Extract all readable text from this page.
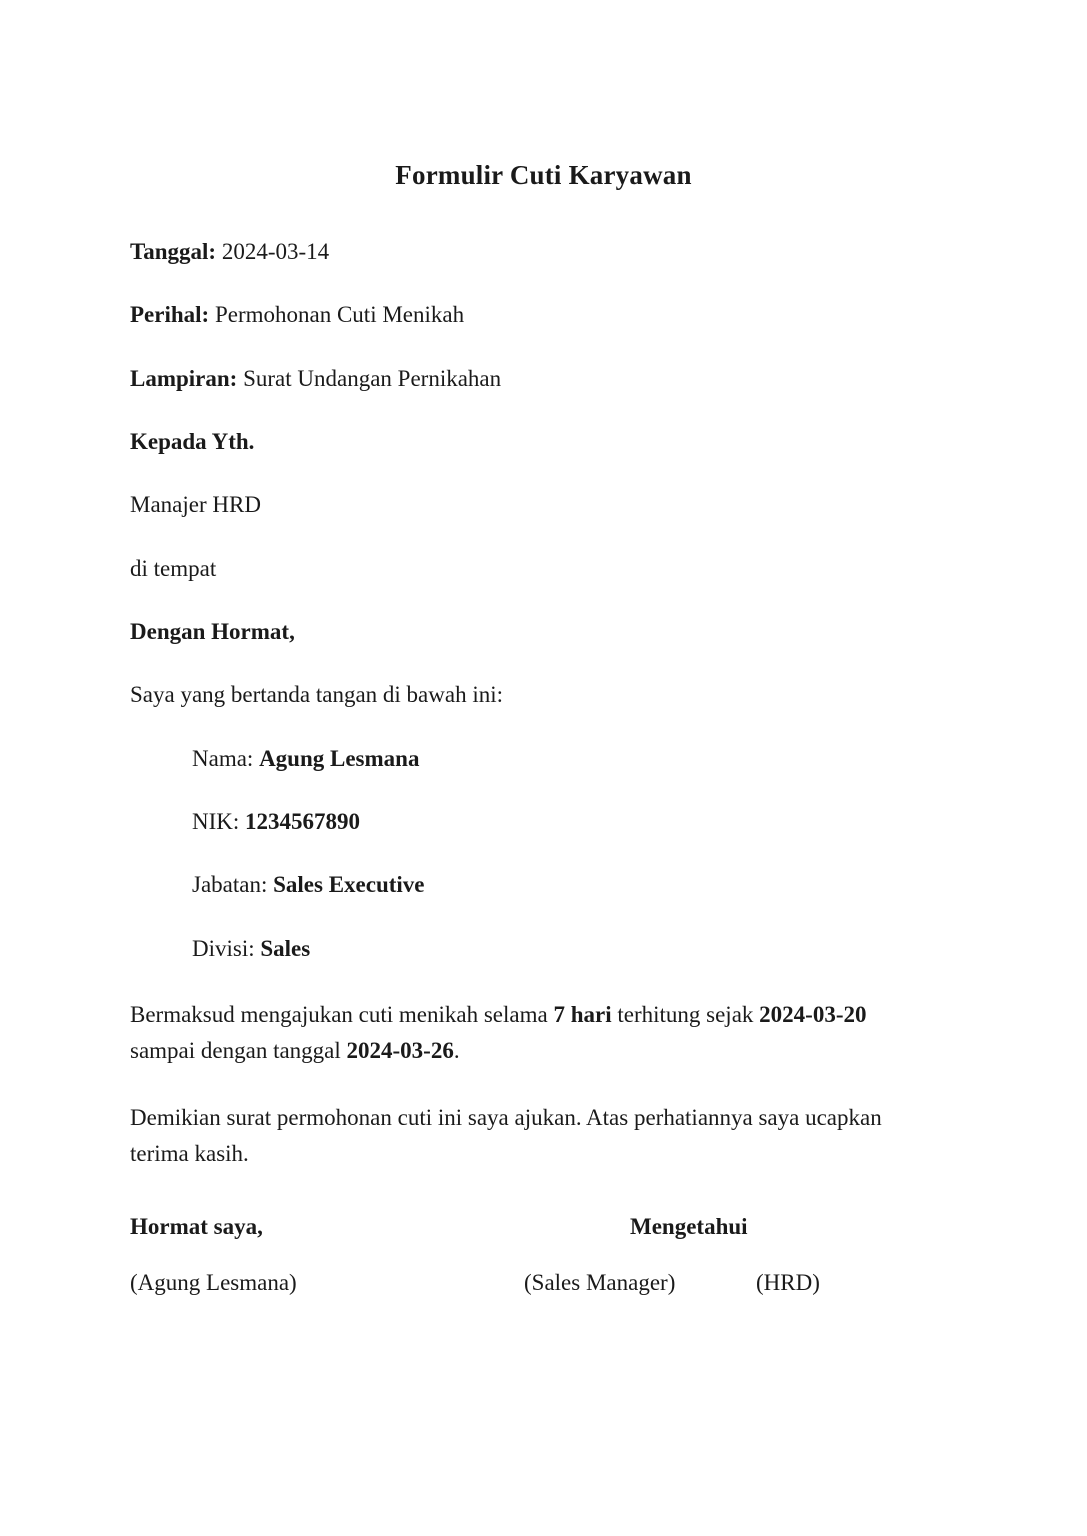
Formulir Cuti Karyawan
Tanggal: 2024-03-14
Perihal: Permohonan Cuti Menikah
Lampiran: Surat Undangan Pernikahan
Kepada Yth.
Manajer HRD
di tempat
Dengan Hormat,
Saya yang bertanda tangan di bawah ini:
Nama: Agung Lesmana
NIK: 1234567890
Jabatan: Sales Executive
Divisi: Sales
Bermaksud mengajukan cuti menikah selama 7 hari terhitung sejak 2024-03-20 sampai dengan tanggal 2024-03-26.
Demikian surat permohonan cuti ini saya ajukan. Atas perhatiannya saya ucapkan terima kasih.
Hormat saya,	Mengetahui
(Agung Lesmana)	(Sales Manager)	(HRD)
